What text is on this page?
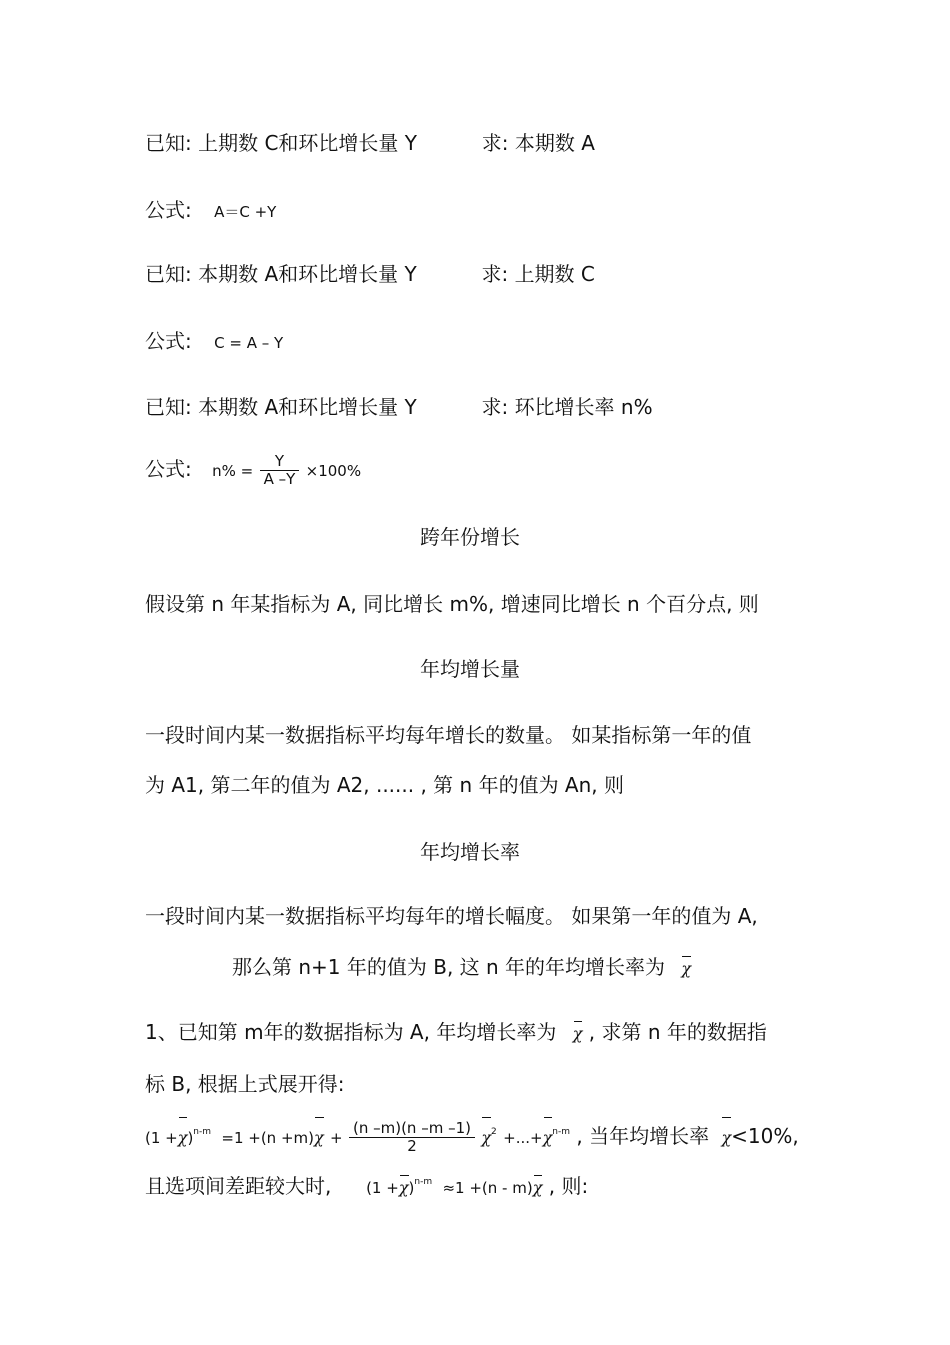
已知: 上期数 C和环比增长量 Y	求: 本期数 A
公式: A＝C +Y
已知: 本期数 A和环比增长量 Y	求: 上期数 C
公式: C = A – Y
已知: 本期数 A和环比增长量 Y	求: 环比增长率 n%
公式: $n\% = \frac{Y}{A -Y} \times 100\%$
跨年份增长
假设第 n 年某指标为 A, 同比增长 m%, 增速同比增长 n 个百分点, 则
年均增长量
一段时间内某一数据指标平均每年增长的数量。 如某指标第一年的值
为 A1, 第二年的值为 A2, ...... , 第 n 年的值为 An, 则
年均增长率
一段时间内某一数据指标平均每年的增长幅度。 如果第一年的值为 A,
那么第 n+1 年的值为 B, 这 n 年的年均增长率为 χ
1、已知第 m年的数据指标为 A, 年均增长率为 χ , 求第 n 年的数据指
标 B, 根据上式展开得:
$(1 +\chi)^{n-m} =1 +(n +m)\chi + \frac{(n -m)(n -m -1)}{2} \chi^2 +...+\chi^{n-m}$ , 当年均增长率 χ<10%,
且选项间差距较大时, $(1 +\chi)^{n-m} \approx 1 +(n - m)\chi$ , 则:
